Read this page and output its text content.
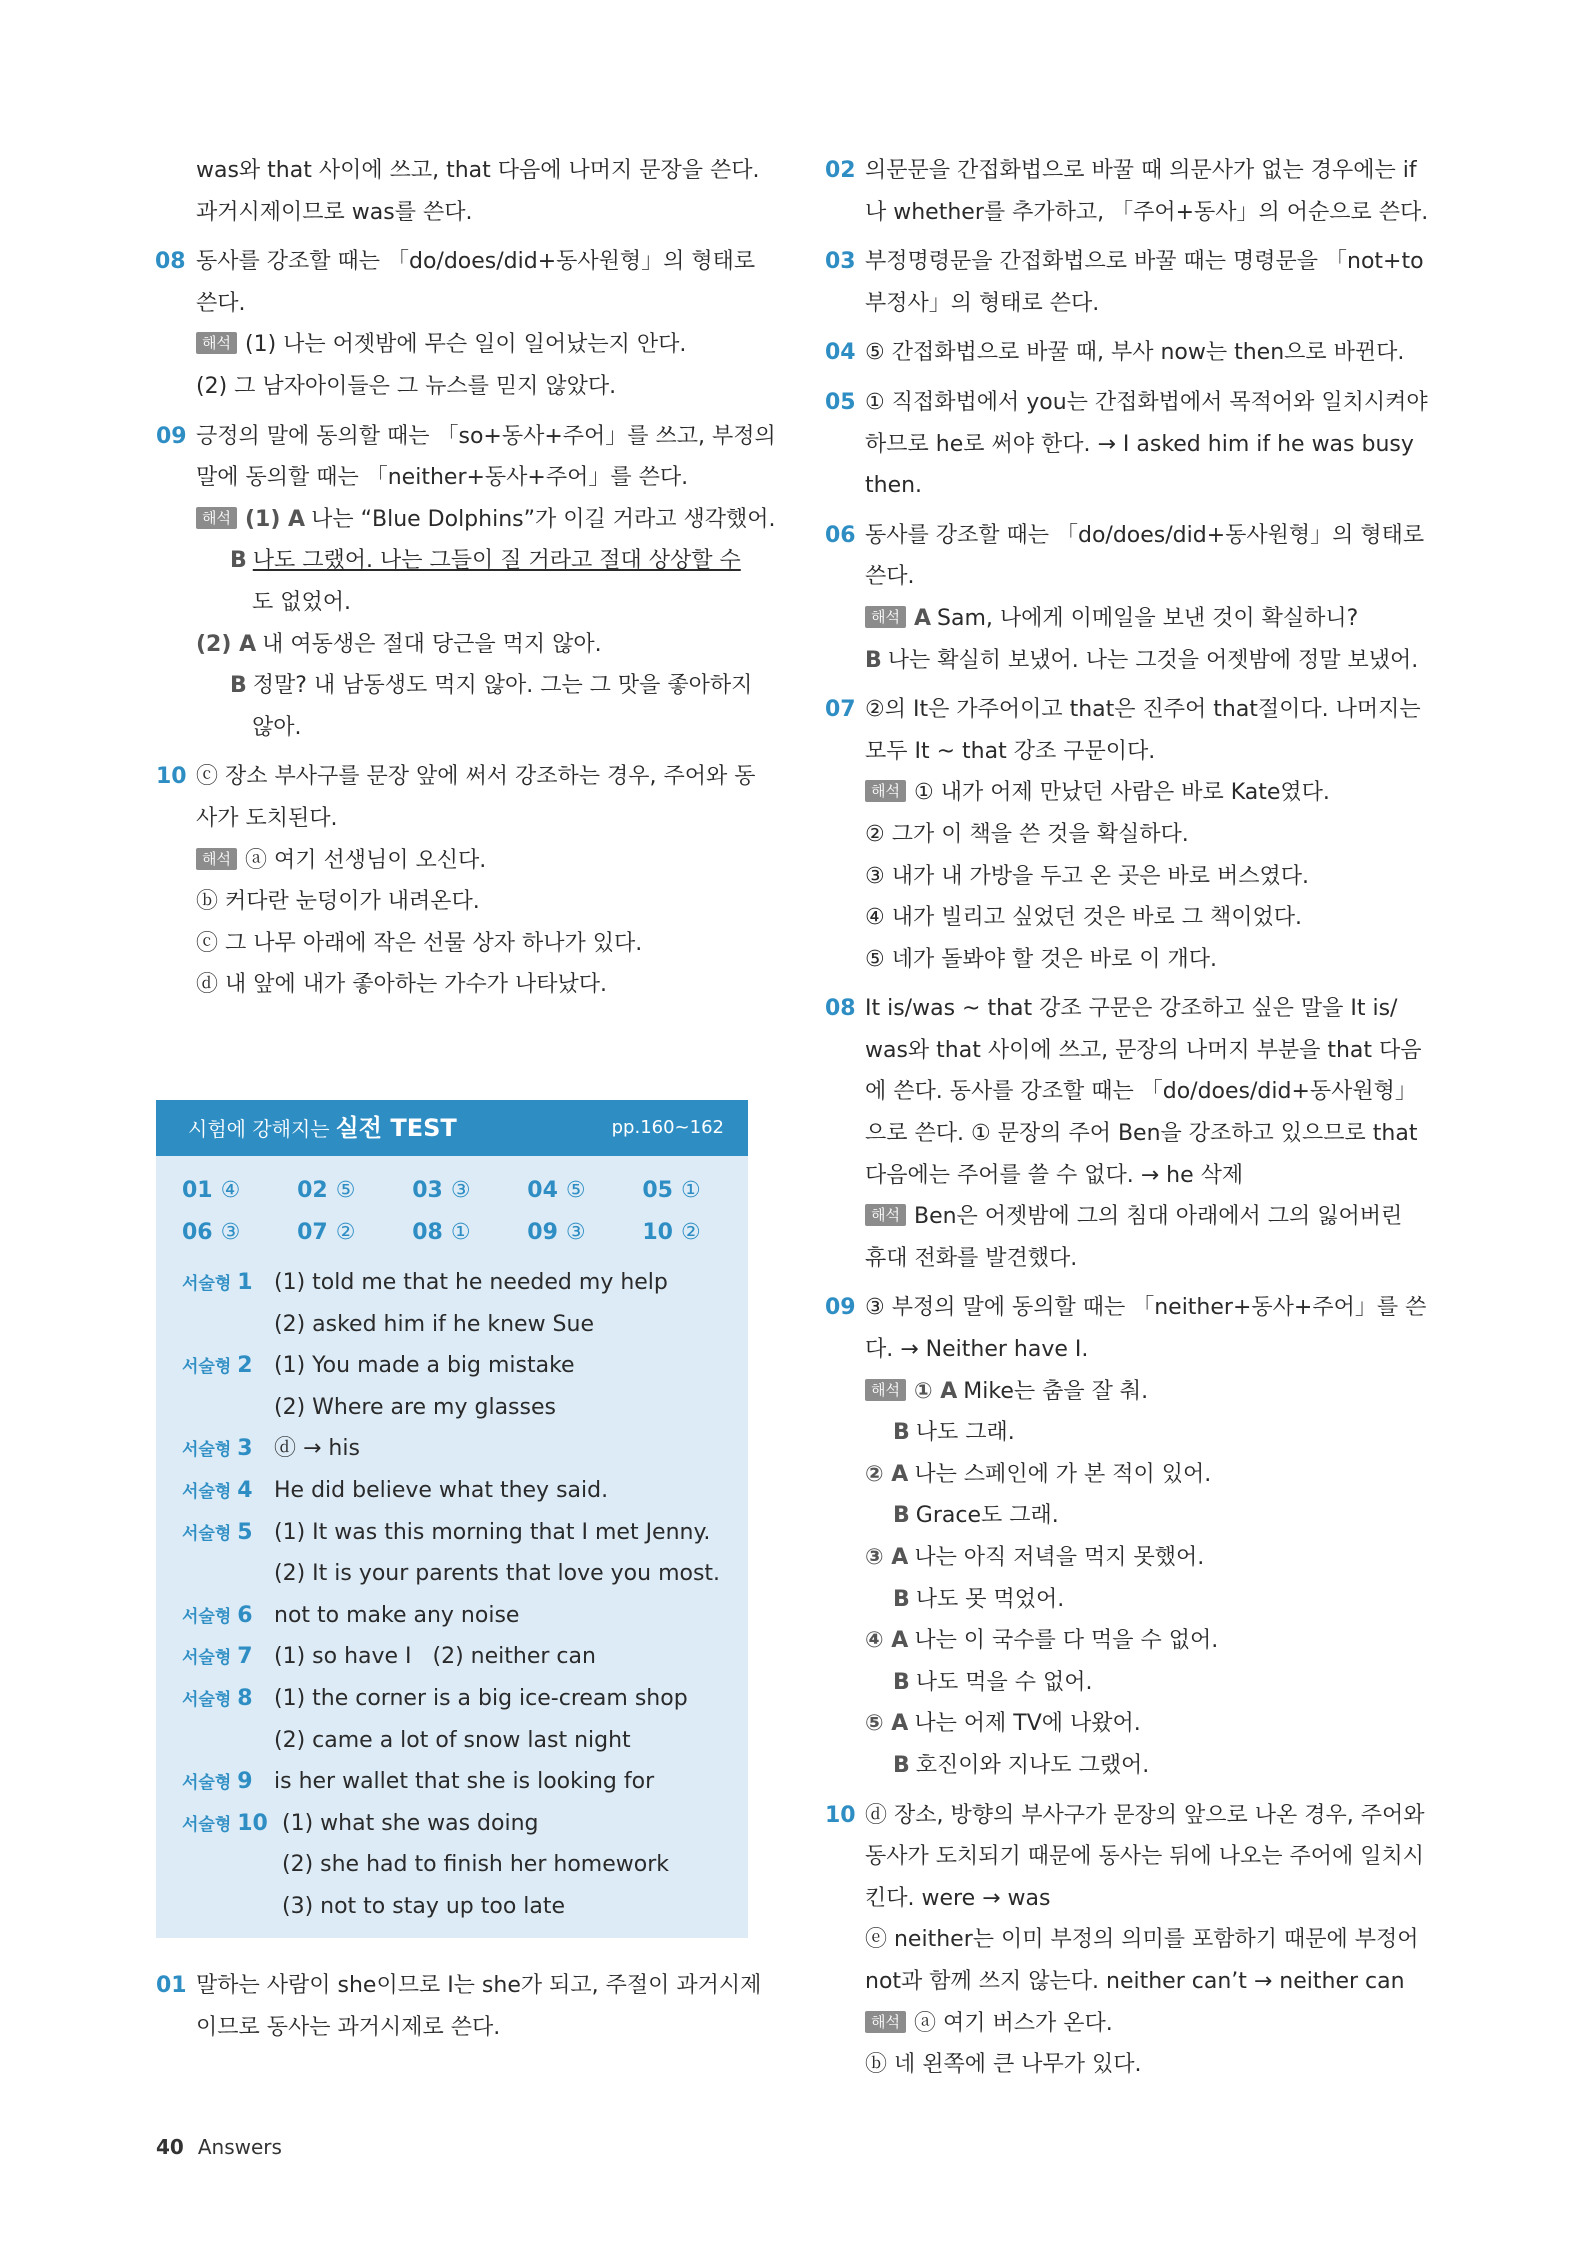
was와 that 사이에 쓰고, that 다음에 나머지 문장을 쓴다.
과거시제이므로 was를 쓴다.
08 동사를 강조할 때는 「do/does/did+동사원형」의 형태로
쓴다.
해석 (1) 나는 어젯밤에 무슨 일이 일어났는지 안다.
(2) 그 남자아이들은 그 뉴스를 믿지 않았다.
09 긍정의 말에 동의할 때는 「so+동사+주어」를 쓰고, 부정의
말에 동의할 때는 「neither+동사+주어」를 쓴다.
해석 (1) A 나는 “Blue Dolphins”가 이길 거라고 생각했어.
B 나도 그랬어. 나는 그들이 질 거라고 절대 상상할 수
도 없었어.
(2) A 내 여동생은 절대 당근을 먹지 않아.
B 정말? 내 남동생도 먹지 않아. 그는 그 맛을 좋아하지
않아.
10 ⓒ 장소 부사구를 문장 앞에 써서 강조하는 경우, 주어와 동
사가 도치된다.
해석 ⓐ 여기 선생님이 오신다.
ⓑ 커다란 눈덩이가 내려온다.
ⓒ 그 나무 아래에 작은 선물 상자 하나가 있다.
ⓓ 내 앞에 내가 좋아하는 가수가 나타났다.
시험에 강해지는 실전 TEST	pp.160~162
01 ④	02 ⑤	03 ③	04 ⑤	05 ①
06 ③	07 ②	08 ①	09 ③	10 ②
서술형 1 (1) told me that he needed my help
(2) asked him if he knew Sue
서술형 2 (1) You made a big mistake
(2) Where are my glasses
서술형 3 ⓓ → his
서술형 4 He did believe what they said.
서술형 5 (1) It was this morning that I met Jenny.
(2) It is your parents that love you most.
서술형 6 not to make any noise
서술형 7 (1) so have I   (2) neither can
서술형 8 (1) the corner is a big ice-cream shop
(2) came a lot of snow last night
서술형 9 is her wallet that she is looking for
서술형 10 (1) what she was doing
(2) she had to finish her homework
(3) not to stay up too late
01 말하는 사람이 she이므로 I는 she가 되고, 주절이 과거시제
이므로 동사는 과거시제로 쓴다.
02 의문문을 간접화법으로 바꿀 때 의문사가 없는 경우에는 if
나 whether를 추가하고, 「주어+동사」의 어순으로 쓴다.
03 부정명령문을 간접화법으로 바꿀 때는 명령문을 「not+to
부정사」의 형태로 쓴다.
04 ⑤ 간접화법으로 바꿀 때, 부사 now는 then으로 바뀐다.
05 ① 직접화법에서 you는 간접화법에서 목적어와 일치시켜야
하므로 he로 써야 한다. → I asked him if he was busy
then.
06 동사를 강조할 때는 「do/does/did+동사원형」의 형태로
쓴다.
해석 A Sam, 나에게 이메일을 보낸 것이 확실하니?
B 나는 확실히 보냈어. 나는 그것을 어젯밤에 정말 보냈어.
07 ②의 It은 가주어이고 that은 진주어 that절이다. 나머지는
모두 It ~ that 강조 구문이다.
해석 ① 내가 어제 만났던 사람은 바로 Kate였다.
② 그가 이 책을 쓴 것을 확실하다.
③ 내가 내 가방을 두고 온 곳은 바로 버스였다.
④ 내가 빌리고 싶었던 것은 바로 그 책이었다.
⑤ 네가 돌봐야 할 것은 바로 이 개다.
08 It is/was ~ that 강조 구문은 강조하고 싶은 말을 It is/
was와 that 사이에 쓰고, 문장의 나머지 부분을 that 다음
에 쓴다. 동사를 강조할 때는 「do/does/did+동사원형」
으로 쓴다. ① 문장의 주어 Ben을 강조하고 있으므로 that
다음에는 주어를 쓸 수 없다. → he 삭제
해석 Ben은 어젯밤에 그의 침대 아래에서 그의 잃어버린
휴대 전화를 발견했다.
09 ③ 부정의 말에 동의할 때는 「neither+동사+주어」를 쓴
다. → Neither have I.
해석 ① A Mike는 춤을 잘 춰.
B 나도 그래.
② A 나는 스페인에 가 본 적이 있어.
B Grace도 그래.
③ A 나는 아직 저녁을 먹지 못했어.
B 나도 못 먹었어.
④ A 나는 이 국수를 다 먹을 수 없어.
B 나도 먹을 수 없어.
⑤ A 나는 어제 TV에 나왔어.
B 호진이와 지나도 그랬어.
10 ⓓ 장소, 방향의 부사구가 문장의 앞으로 나온 경우, 주어와
동사가 도치되기 때문에 동사는 뒤에 나오는 주어에 일치시
킨다. were → was
ⓔ neither는 이미 부정의 의미를 포함하기 때문에 부정어
not과 함께 쓰지 않는다. neither can’t → neither can
해석 ⓐ 여기 버스가 온다.
ⓑ 네 왼쪽에 큰 나무가 있다.
40 Answers
